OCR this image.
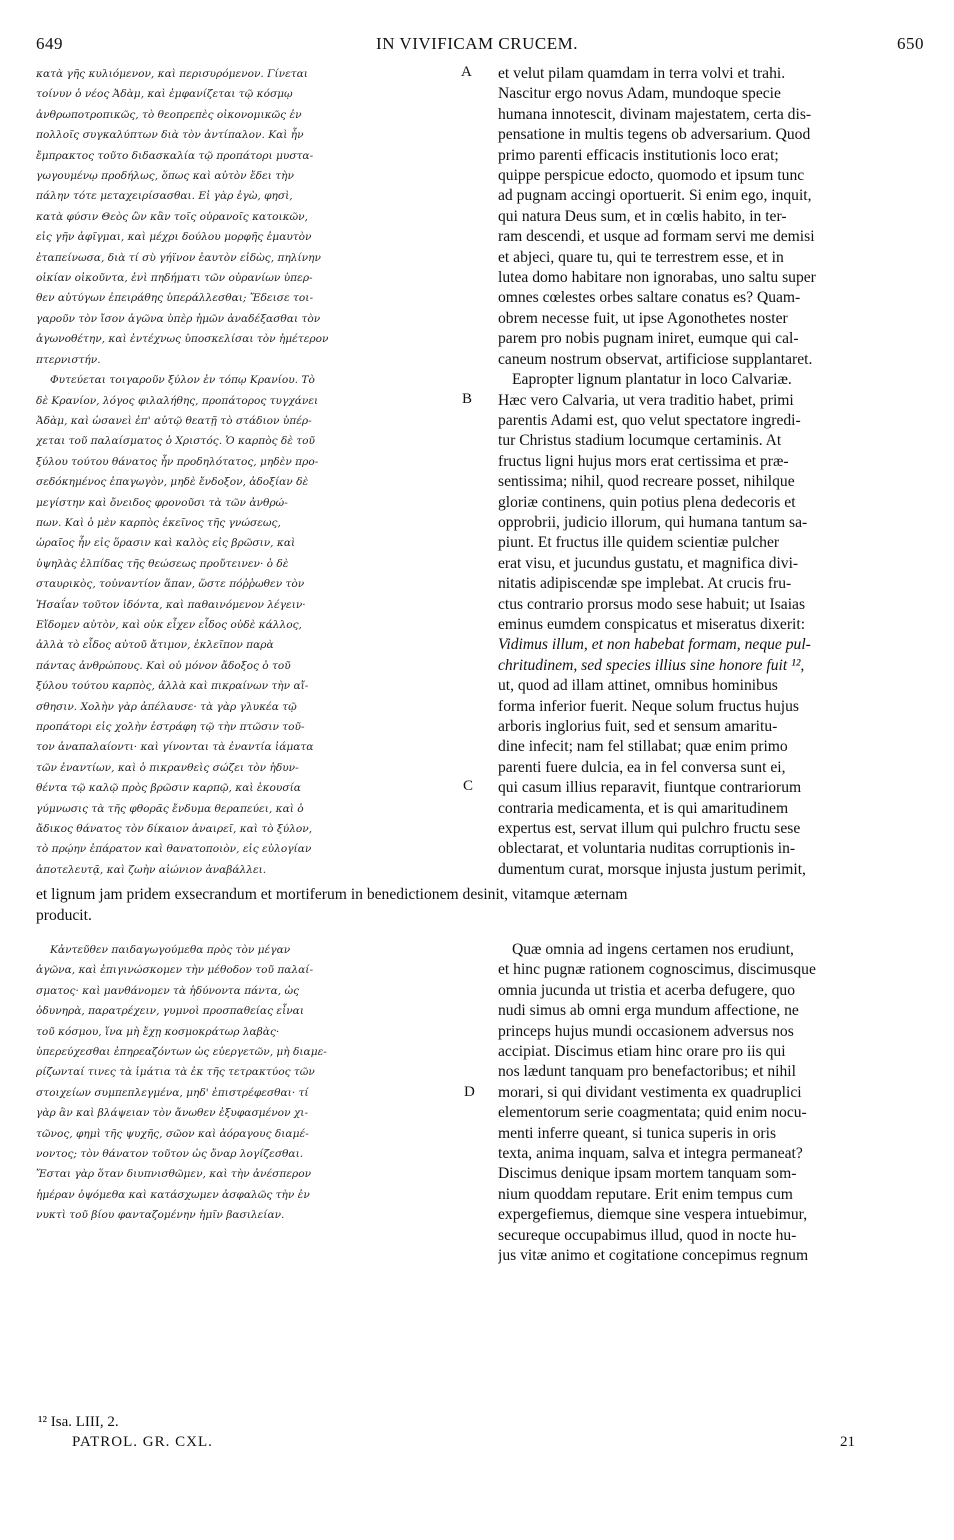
649	IN VIVIFICAM CRUCEM.	650
κατὰ γῆς κυλιόμενον, καὶ περισυρόμενον. Γίνεται
τοίνυν ὁ νέος Ἀδὰμ, καὶ ἐμφανίζεται τῷ κόσμῳ
ἀνθρωποτροπικῶς, τὸ θεοπρεπὲς οἰκονομικῶς ἐν
πολλοῖς συγκαλύπτων διὰ τὸν ἀντίπαλον. Καὶ ἦν
ἔμπρακτος τοῦτο διδασκαλία τῷ προπάτορι μυστα-
γωγουμένῳ προδήλως, ὅπως καὶ αὐτὸν ἔδει τὴν
πάλην τότε μεταχειρίσασθαι. Εἰ γὰρ ἐγὼ, φησὶ,
κατὰ φύσιν Θεὸς ὢν κἂν τοῖς οὐρανοῖς κατοικῶν,
εἰς γῆν ἀφῖγμαι, καὶ μέχρι δούλου μορφῆς ἐμαυτὸν
ἐταπείνωσα, διὰ τί σὺ γήϊνον ἑαυτὸν εἰδὼς, πηλίνην
οἰκίαν οἰκοῦντα, ἑνὶ πηδήματι τῶν οὐρανίων ὑπερ-
θεν αὐτύγων ἐπειράθης ὑπεράλλεσθαι; Ἔδεισε τοι-
γαροῦν τὸν ἴσον ἀγῶνα ὑπὲρ ἡμῶν ἀναδέξασθαι τὸν
ἀγωνοθέτην, καὶ ἐντέχνως ὑποσκελίσαι τὸν ἡμέτερον
πτερνιστήν.
Φυτεύεται τοιγαροῦν ξύλον ἐν τόπῳ Κρανίου. Τὸ
δὲ Κρανίον, λόγος φιλαλήθης, προπάτορος τυγχάνει
Ἀδὰμ, καὶ ὡσανεὶ ἐπ' αὐτῷ θεατῇ τὸ στάδιον ὑπέρ-
χεται τοῦ παλαίσματος ὁ Χριστός. Ὁ καρπὸς δὲ τοῦ
ξύλου τούτου θάνατος ἦν προδηλότατος, μηδὲν προ-
σεδόκημένος ἐπαγωγὸν, μηδὲ ἔνδοξον, ἀδοξίαν δὲ
μεγίστην καὶ ὄνειδος φρονοῦσι τὰ τῶν ἀνθρώ-
πων. Καὶ ὁ μὲν καρπὸς ἐκεῖνος τῆς γνώσεως,
ὡραῖος ἦν εἰς ὅρασιν καὶ καλὸς εἰς βρῶσιν, καὶ
ὑψηλὰς ἐλπίδας τῆς θεώσεως προὔτεινεν· ὁ δὲ
σταυρικὸς, τοὐναντίον ἅπαν, ὥστε πόῤῥωθεν τὸν
Ἡσαΐαν τοῦτον ἰδόντα, καὶ παθαινόμενον λέγειν·
Εἴδομεν αὐτὸν, καὶ οὐκ εἶχεν εἶδος οὐδὲ κάλλος,
ἀλλὰ τὸ εἶδος αὐτοῦ ἄτιμον, ἐκλεῖπον παρὰ
πάντας ἀνθρώπους. Καὶ οὐ μόνον ἄδοξος ὁ τοῦ
ξύλου τούτου καρπὸς, ἀλλὰ καὶ πικραίνων τὴν αἴ-
σθησιν. Χολὴν γὰρ ἀπέλαυσε· τὰ γὰρ γλυκέα τῷ
προπάτορι εἰς χολὴν ἐστράφη τῷ τὴν πτῶσιν τοῦ-
τον ἀναπαλαίοντι· καὶ γίνονται τὰ ἐναντία ἰάματα
τῶν ἐναντίων, καὶ ὁ πικρανθεὶς σώζει τὸν ἡδυν-
θέντα τῷ καλῷ πρὸς βρῶσιν καρπῷ, καὶ ἑκουσία
γύμνωσις τὰ τῆς φθορᾶς ἔνδυμα θεραπεύει, καὶ ὁ
ἄδικος θάνατος τὸν δίκαιον ἀναιρεῖ, καὶ τὸ ξύλον,
τὸ πρῴην ἐπάρατον καὶ θανατοποιὸν, εἰς εὐλογίαν
ἀποτελευτᾷ, καὶ ζωὴν αἰώνιον ἀναβάλλει.
et velut pilam quamdam in terra volvi et trahi.
Nascitur ergo novus Adam, mundoque specie
humana innotescit, divinam majestatem, certa dis-
pensatione in multis tegens ob adversarium. Quod
primo parenti efficacis institutionis loco erat;
quippe perspicue edocto, quomodo et ipsum tunc
ad pugnam accingi oportuerit. Si enim ego, inquit,
qui natura Deus sum, et in cœlis habito, in ter-
ram descendi, et usque ad formam servi me demisi
et abjeci, quare tu, qui te terrestrem esse, et in
lutea domo habitare non ignorabas, uno saltu super
omnes cœlestes orbes saltare conatus es? Quam-
obrem necesse fuit, ut ipse Agonothetes noster
parem pro nobis pugnam iniret, eumque qui cal-
caneum nostrum observat, artificiose supplantaret.
Eapropter lignum plantatur in loco Calvariæ.
Hæc vero Calvaria, ut vera traditio habet, primi
parentis Adami est, quo velut spectatore ingredi-
tur Christus stadium locumque certaminis. At
fructus ligni hujus mors erat certissima et præ-
sentissima; nihil, quod recreare posset, nihilque
gloriæ continens, quin potius plena dedecoris et
opprobrii, judicio illorum, qui humana tantum sa-
piunt. Et fructus ille quidem scientiæ pulcher
erat visu, et jucundus gustatu, et magnifica divi-
nitatis adipiscendæ spe implebat. At crucis fru-
ctus contrario prorsus modo sese habuit; ut Isaias
eminus eumdem conspicatus et miseratus dixerit:
Vidimus illum, et non habebat formam, neque pul-
chritudinem, sed species illius sine honore fuit ¹²,
ut, quod ad illam attinet, omnibus hominibus
forma inferior fuerit. Neque solum fructus hujus
arboris inglorius fuit, sed et sensum amaritu-
dine infecit; nam fel stillabat; quæ enim primo
parenti fuere dulcia, ea in fel conversa sunt ei,
qui casum illius reparavit, fiuntque contrariorum
contraria medicamenta, et is qui amaritudinem
expertus est, servat illum qui pulchro fructu sese
oblectarat, et voluntaria nuditas corruptionis in-
dumentum curat, morsque injusta justum perimit,
A
B
C
D
et lignum jam pridem exsecrandum et mortiferum in benedictionem desinit, vitamque æternam
producit.
Κἀντεῦθεν παιδαγωγούμεθα πρὸς τὸν μέγαν
ἀγῶνα, καὶ ἐπιγινώσκομεν τὴν μέθοδον τοῦ παλαί-
σματος· καὶ μανθάνομεν τὰ ἡδύνοντα πάντα, ὡς
ὀδυνηρὰ, παρατρέχειν, γυμνοὶ προσπαθείας εἶναι
τοῦ κόσμου, ἵνα μὴ ἔχῃ κοσμοκράτωρ λαβὰς·
ὑπερεύχεσθαι ἐπηρεαζόντων ὡς εὐεργετῶν, μὴ διαμε-
ρίζωνταί τινες τὰ ἱμάτια τὰ ἐκ τῆς τετρακτύος τῶν
στοιχείων συμπεπλεγμένα, μηδ' ἐπιστρέφεσθαι· τί
γὰρ ἂν καὶ βλάψειαν τὸν ἄνωθεν ἐξυφασμένον χι-
τῶνος, φημὶ τῆς ψυχῆς, σῶον καὶ ἀόραγους διαμέ-
νοντος; τὸν θάνατον τοῦτον ὡς ὄναρ λογίζεσθαι.
Ἔσται γὰρ ὅταν διυπνισθῶμεν, καὶ τὴν ἀνέσπερον
ἡμέραν ὀψόμεθα καὶ κατάσχωμεν ἀσφαλῶς τὴν ἐν
νυκτὶ τοῦ βίου φανταζομένην ἡμῖν βασιλείαν.
Quæ omnia ad ingens certamen nos erudiunt,
et hinc pugnæ rationem cognoscimus, discimusque
omnia jucunda ut tristia et acerba defugere, quo
nudi simus ab omni erga mundum affectione, ne
princeps hujus mundi occasionem adversus nos
accipiat. Discimus etiam hinc orare pro iis qui
nos lædunt tanquam pro benefactoribus; et nihil
morari, si qui dividant vestimenta ex quadruplici
elementorum serie coagmentata; quid enim nocu-
menti inferre queant, si tunica superis in oris
texta, anima inquam, salva et integra permaneat?
Discimus denique ipsam mortem tanquam som-
nium quoddam reputare. Erit enim tempus cum
expergefiemus, diemque sine vespera intuebimur,
secureque occupabimus illud, quod in nocte hu-
jus vitæ animo et cogitatione concepimus regnum
¹² Isa. LIII, 2.
PATROL. GR. CXL.	21
